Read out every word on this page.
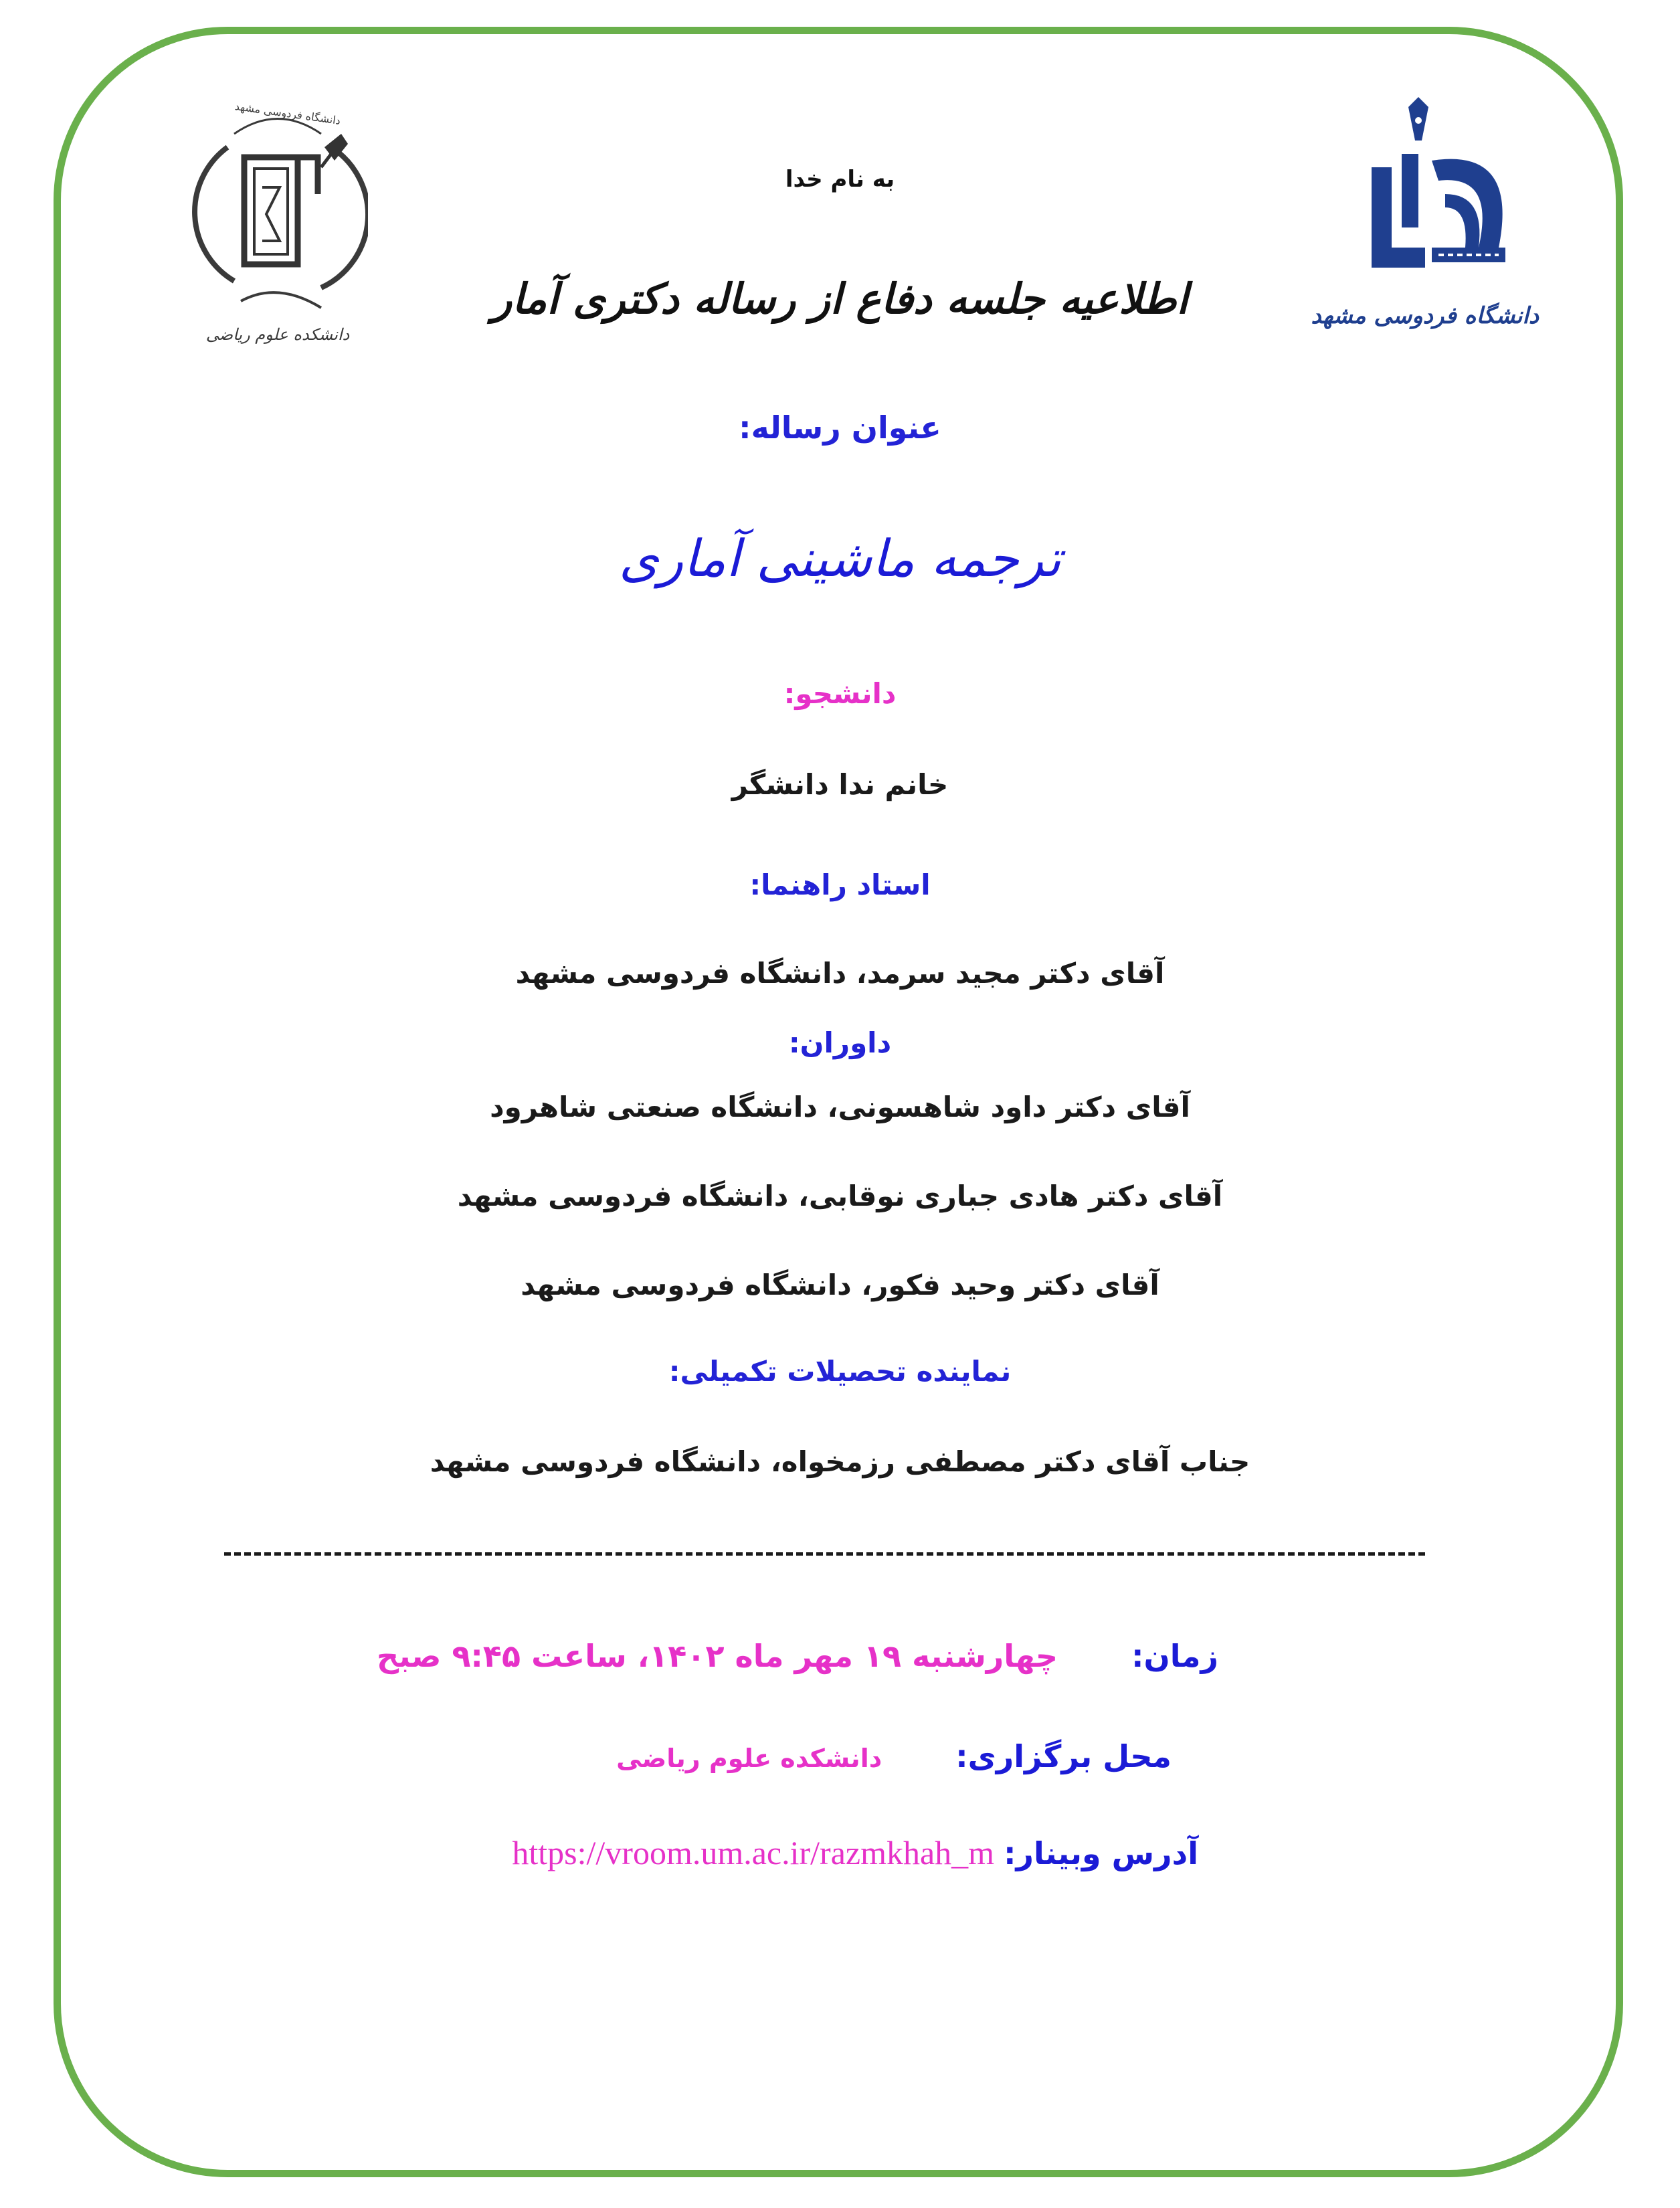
دانشکده علوم ریاضی
دانشگاه فردوسی مشهد
دانشگاه فردوسی مشهد
به نام خدا
اطلاعیه جلسه دفاع از رساله دکتری آمار
عنوان رساله:
ترجمه ماشینی آماری
دانشجو:
خانم ندا دانشگر
استاد راهنما:
آقای دکتر مجید سرمد، دانشگاه فردوسی مشهد
داوران:
آقای دکتر داود شاهسونی، دانشگاه صنعتی شاهرود
آقای دکتر هادی جباری نوقابی، دانشگاه فردوسی مشهد
آقای دکتر وحید فکور، دانشگاه فردوسی مشهد
نماینده تحصیلات تکمیلی:
جناب آقای دکتر مصطفی رزمخواه، دانشگاه فردوسی مشهد
زمان:چهارشنبه ۱۹ مهر ماه ۱۴۰۲، ساعت ۹:۴۵ صبح
محل برگزاری:دانشکده علوم ریاضی
آدرس وبینار:https://vroom.um.ac.ir/razmkhah_m
